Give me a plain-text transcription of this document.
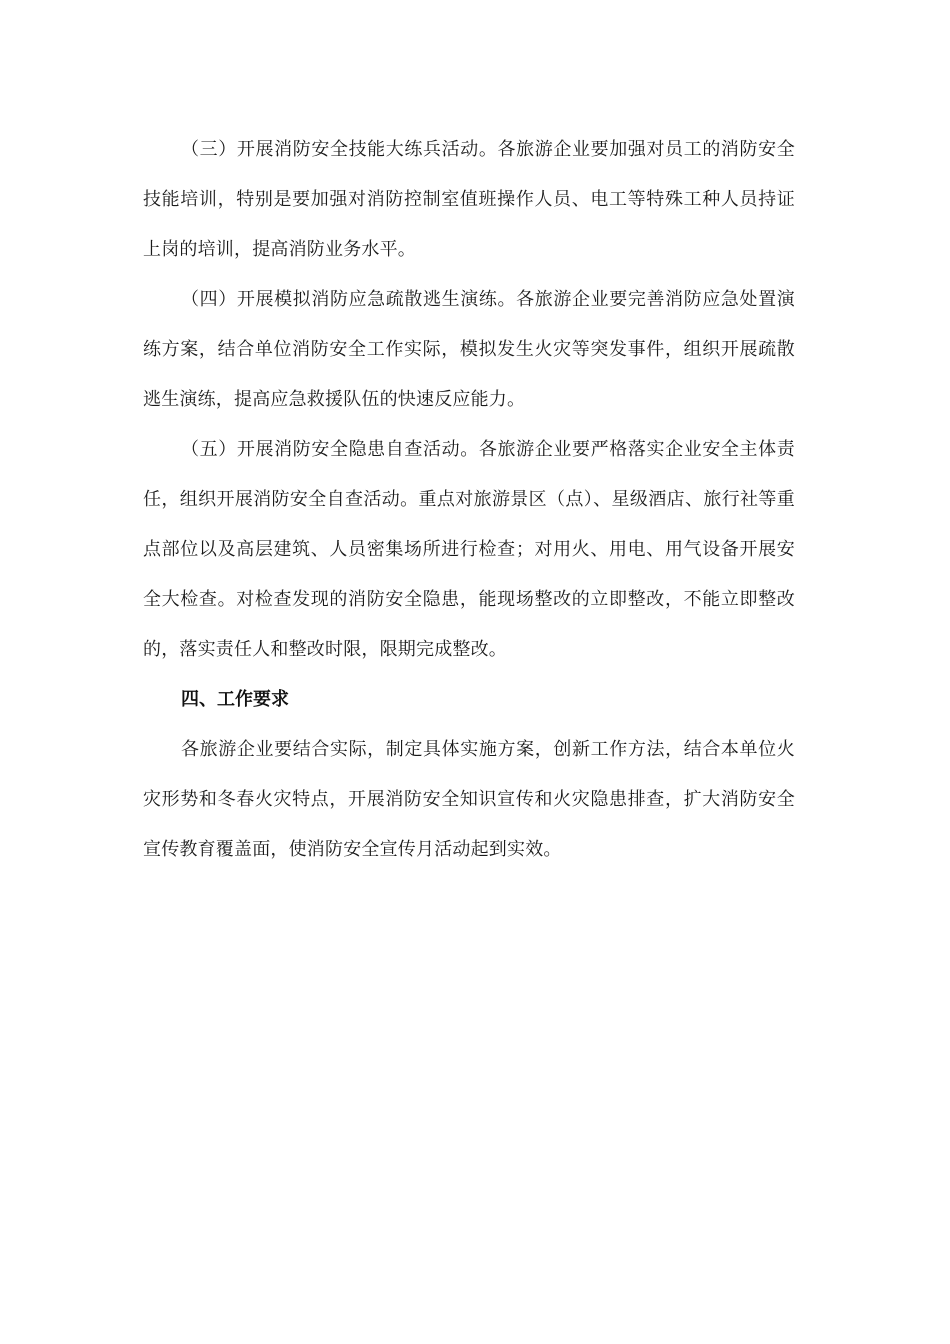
（三）开展消防安全技能大练兵活动。各旅游企业要加强对员工的消防安全技能培训，特别是要加强对消防控制室值班操作人员、电工等特殊工种人员持证上岗的培训，提高消防业务水平。

（四）开展模拟消防应急疏散逃生演练。各旅游企业要完善消防应急处置演练方案，结合单位消防安全工作实际，模拟发生火灾等突发事件，组织开展疏散逃生演练，提高应急救援队伍的快速反应能力。

（五）开展消防安全隐患自查活动。各旅游企业要严格落实企业安全主体责任，组织开展消防安全自查活动。重点对旅游景区（点）、星级酒店、旅行社等重点部位以及高层建筑、人员密集场所进行检查；对用火、用电、用气设备开展安全大检查。对检查发现的消防安全隐患，能现场整改的立即整改，不能立即整改的，落实责任人和整改时限，限期完成整改。

四、工作要求

各旅游企业要结合实际，制定具体实施方案，创新工作方法，结合本单位火灾形势和冬春火灾特点，开展消防安全知识宣传和火灾隐患排查，扩大消防安全宣传教育覆盖面，使消防安全宣传月活动起到实效。
